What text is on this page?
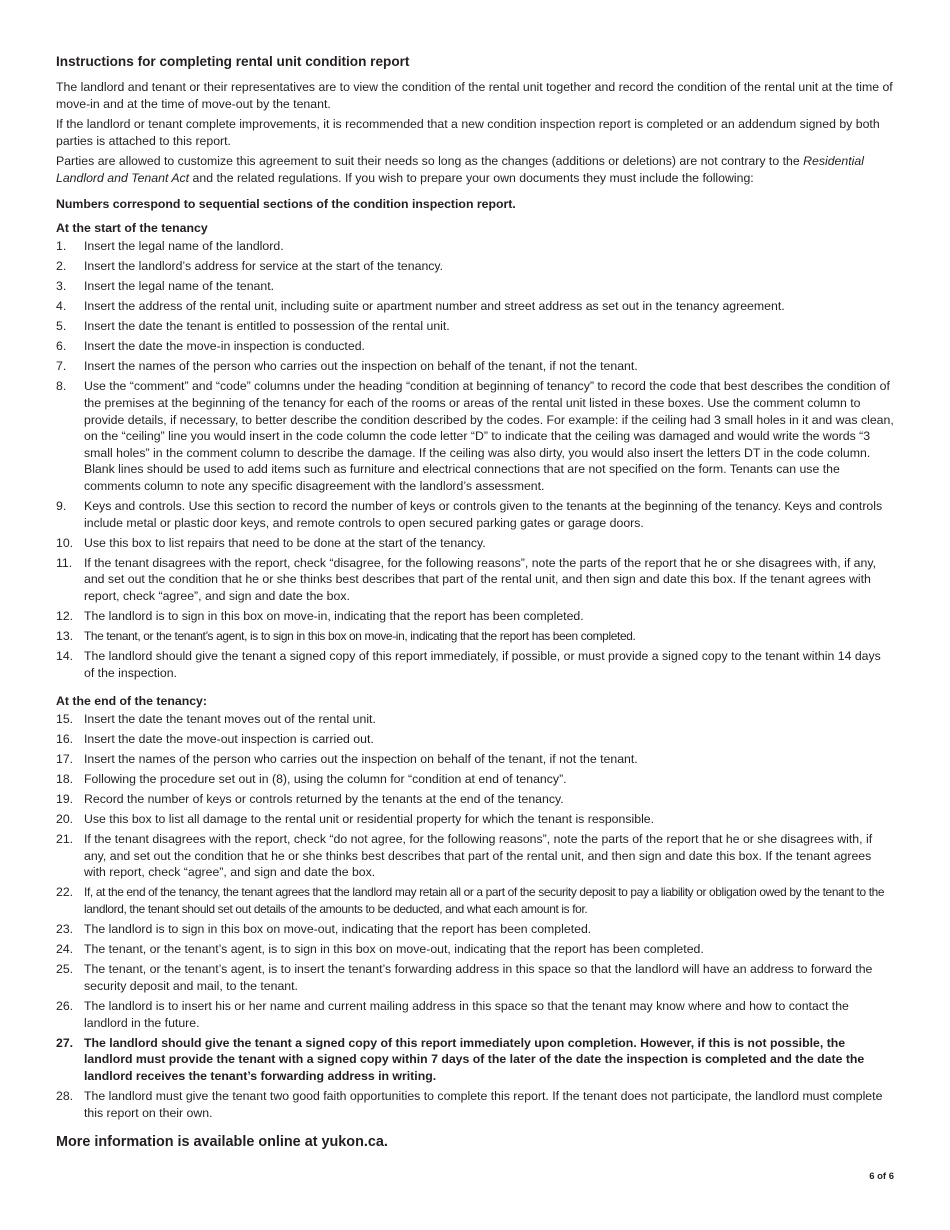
Instructions for completing rental unit condition report

The landlord and tenant or their representatives are to view the condition of the rental unit together and record the condition of the rental unit at the time of move-in and at the time of move-out by the tenant.

If the landlord or tenant complete improvements, it is recommended that a new condition inspection report is completed or an addendum signed by both parties is attached to this report.

Parties are allowed to customize this agreement to suit their needs so long as the changes (additions or deletions) are not contrary to the Residential Landlord and Tenant Act and the related regulations. If you wish to prepare your own documents they must include the following:

Numbers correspond to sequential sections of the condition inspection report.
At the start of the tenancy
1.	Insert the legal name of the landlord.
2.	Insert the landlord’s address for service at the start of the tenancy.
3.	Insert the legal name of the tenant.
4.	Insert the address of the rental unit, including suite or apartment number and street address as set out in the tenancy agreement.
5.	Insert the date the tenant is entitled to possession of the rental unit.
6.	Insert the date the move-in inspection is conducted.
7.	Insert the names of the person who carries out the inspection on behalf of the tenant, if not the tenant.
8.	Use the “comment” and “code” columns under the heading “condition at beginning of tenancy” to record the code that best describes the condition of the premises at the beginning of the tenancy for each of the rooms or areas of the rental unit listed in these boxes. Use the comment column to provide details, if necessary, to better describe the condition described by the codes. For example: if the ceiling had 3 small holes in it and was clean, on the “ceiling” line you would insert in the code column the code letter “D” to indicate that the ceiling was damaged and would write the words “3 small holes” in the comment column to describe the damage. If the ceiling was also dirty, you would also insert the letters DT in the code column. Blank lines should be used to add items such as furniture and electrical connections that are not specified on the form. Tenants can use the comments column to note any specific disagreement with the landlord’s assessment.
9.	Keys and controls. Use this section to record the number of keys or controls given to the tenants at the beginning of the tenancy. Keys and controls include metal or plastic door keys, and remote controls to open secured parking gates or garage doors.
10. Use this box to list repairs that need to be done at the start of the tenancy.
11. If the tenant disagrees with the report, check “disagree, for the following reasons”, note the parts of the report that he or she disagrees with, if any, and set out the condition that he or she thinks best describes that part of the rental unit, and then sign and date this box. If the tenant agrees with report, check “agree”, and sign and date the box.
12. The landlord is to sign in this box on move-in, indicating that the report has been completed.
13. The tenant, or the tenant’s agent, is to sign in this box on move-in, indicating that the report has been completed.
14. The landlord should give the tenant a signed copy of this report immediately, if possible, or must provide a signed copy to the tenant within 14 days of the inspection.
At the end of the tenancy:
15. Insert the date the tenant moves out of the rental unit.
16. Insert the date the move-out inspection is carried out.
17. Insert the names of the person who carries out the inspection on behalf of the tenant, if not the tenant.
18. Following the procedure set out in (8), using the column for “condition at end of tenancy”.
19. Record the number of keys or controls returned by the tenants at the end of the tenancy.
20. Use this box to list all damage to the rental unit or residential property for which the tenant is responsible.
21. If the tenant disagrees with the report, check “do not agree, for the following reasons”, note the parts of the report that he or she disagrees with, if any, and set out the condition that he or she thinks best describes that part of the rental unit, and then sign and date this box. If the tenant agrees with report, check “agree”, and sign and date the box.
22. If, at the end of the tenancy, the tenant agrees that the landlord may retain all or a part of the security deposit to pay a liability or obligation owed by the tenant to the landlord, the tenant should set out details of the amounts to be deducted, and what each amount is for.
23. The landlord is to sign in this box on move-out, indicating that the report has been completed.
24. The tenant, or the tenant’s agent, is to sign in this box on move-out, indicating that the report has been completed.
25. The tenant, or the tenant’s agent, is to insert the tenant’s forwarding address in this space so that the landlord will have an address to forward the security deposit and mail, to the tenant.
26. The landlord is to insert his or her name and current mailing address in this space so that the tenant may know where and how to contact the landlord in the future.
27. The landlord should give the tenant a signed copy of this report immediately upon completion. However, if this is not possible, the landlord must provide the tenant with a signed copy within 7 days of the later of the date the inspection is completed and the date the landlord receives the tenant’s forwarding address in writing.
28. The landlord must give the tenant two good faith opportunities to complete this report. If the tenant does not participate, the landlord must complete this report on their own.
More information is available online at yukon.ca.
6 of 6
